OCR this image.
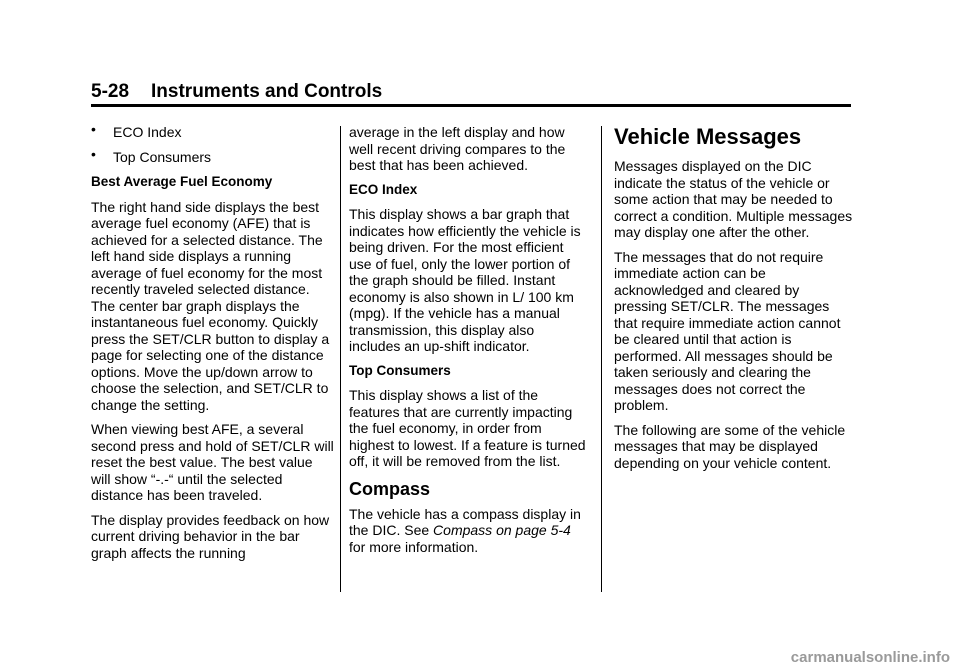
5-28 Instruments and Controls
• ECO Index
• Top Consumers

Best Average Fuel Economy

The right hand side displays the best average fuel economy (AFE) that is achieved for a selected distance. The left hand side displays a running average of fuel economy for the most recently traveled selected distance. The center bar graph displays the instantaneous fuel economy. Quickly press the SET/CLR button to display a page for selecting one of the distance options. Move the up/down arrow to choose the selection, and SET/CLR to change the setting.

When viewing best AFE, a several second press and hold of SET/CLR will reset the best value. The best value will show “-.-“ until the selected distance has been traveled.

The display provides feedback on how current driving behavior in the bar graph affects the running

average in the left display and how well recent driving compares to the best that has been achieved.

ECO Index

This display shows a bar graph that indicates how efficiently the vehicle is being driven. For the most efficient use of fuel, only the lower portion of the graph should be filled. Instant economy is also shown in L/ 100 km (mpg). If the vehicle has a manual transmission, this display also includes an up-shift indicator.

Top Consumers

This display shows a list of the features that are currently impacting the fuel economy, in order from highest to lowest. If a feature is turned off, it will be removed from the list.

Compass

The vehicle has a compass display in the DIC. See Compass on page 5-4 for more information.

Vehicle Messages

Messages displayed on the DIC indicate the status of the vehicle or some action that may be needed to correct a condition. Multiple messages may display one after the other.

The messages that do not require immediate action can be acknowledged and cleared by pressing SET/CLR. The messages that require immediate action cannot be cleared until that action is performed. All messages should be taken seriously and clearing the messages does not correct the problem.

The following are some of the vehicle messages that may be displayed depending on your vehicle content.

carmanualsonline.info
